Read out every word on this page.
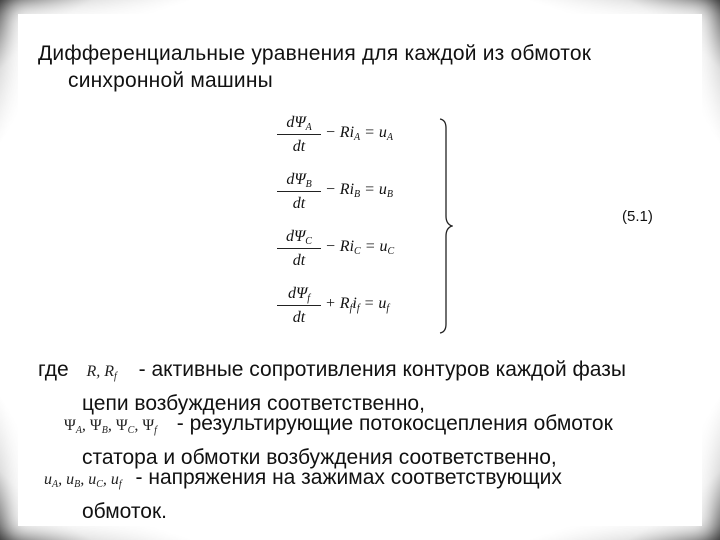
Дифференциальные уравнения для каждой из обмоток
синхронной машины
$d\Psi_A$
dt
− $Ri_A = u_A$
$d\Psi_B$
dt
− $Ri_B = u_B$
$d\Psi_C$
dt
− $Ri_C = u_C$
$d\Psi_f$
dt
+ $R_fi_f = u_f$
(5.1)
где R, $R_f$ - активные сопротивления контуров каждой фазы
цепи возбуждения соответственно,
$\Psi_A$, $\Psi_B$, $\Psi_C$, $\Psi_f$ - результирующие потокосцепления обмоток
статора и обмотки возбуждения соответственно,
$u_A$, $u_B$, $u_C$, $u_f$ - напряжения на зажимах соответствующих
обмоток.
